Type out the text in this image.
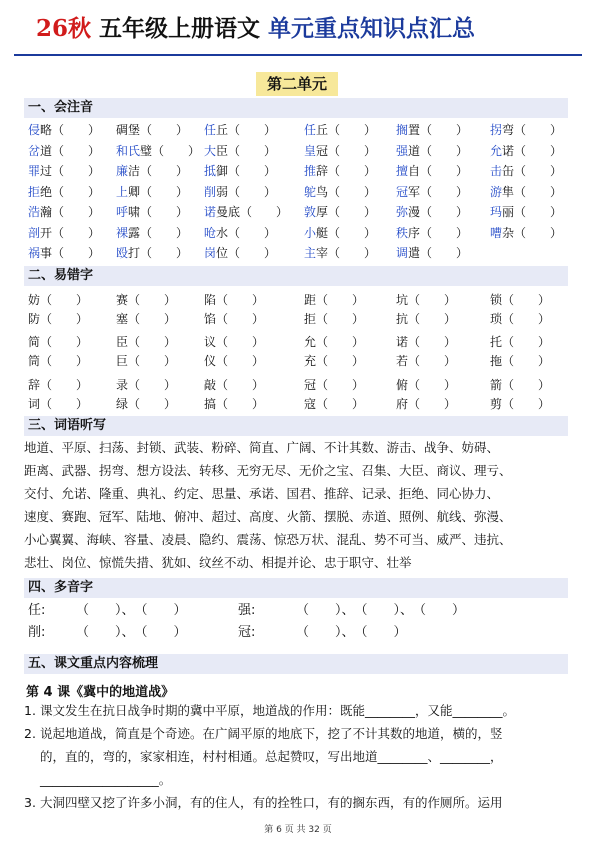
26秋 五年级上册语文 单元重点知识点汇总
第二单元
一、会注音
侵略（　　） 碉堡（　　） 任丘（　　） 任丘（　　） 搁置（　　） 拐弯（　　）
岔道（　　） 和氏璧（　　） 大臣（　　） 皇冠（　　） 强道（　　） 允诺（　　）
罪过（　　） 廉洁（　　） 抵御（　　） 推辞（　　） 擅自（　　） 击缶（　　）
拒绝（　　） 上卿（　　） 削弱（　　） 鸵鸟（　　） 冠军（　　） 游隼（　　）
浩瀚（　　） 呼啸（　　） 诺曼底（　　） 敦厚（　　） 弥漫（　　） 玛丽（　　）
剖开（　　） 裸露（　　） 呛水（　　） 小艇（　　） 秩序（　　） 嘈杂（　　）
祸事（　　） 殴打（　　） 岗位（　　） 主宰（　　） 调遣（　　）
二、易错字
妨（　　） 赛（　　） 陷（　　）	距（　　）	坑（　　）	锁（　　）
防（　　） 塞（　　） 馅（　　）	拒（　　）	抗（　　）	琐（　　）
简（　　） 臣（　　） 议（　　）	允（　　）	诺（　　）	托（　　）
筒（　　） 巨（　　） 仪（　　）	充（　　）	若（　　）	拖（　　）
辞（　　） 录（　　） 敲（　　）	冠（　　）	俯（　　）	箭（　　）
词（　　） 绿（　　） 搞（　　）	寇（　　）	府（　　）	剪（　　）
三、词语听写
地道、平原、扫荡、封锁、武装、粉碎、简直、广阔、不计其数、游击、战争、妨碍、
距离、武器、拐弯、想方设法、转移、无穷无尽、无价之宝、召集、大臣、商议、理亏、
交付、允诺、隆重、典礼、约定、思量、承诺、国君、推辞、记录、拒绝、同心协力、
速度、赛跑、冠军、陆地、俯冲、超过、高度、火箭、摆脱、赤道、照例、航线、弥漫、
小心翼翼、海峡、容量、凌晨、隐约、震荡、惊恐万状、混乱、势不可当、威严、违抗、
悲壮、岗位、惊慌失措、犹如、纹丝不动、相提并论、忠于职守、壮举
四、多音字
任: （　　）、　（　　）	强:	（　　）、　（　　）、　（　　）
削: （　　）、　（　　）	冠:	（　　）、　（　　）
五、课文重点内容梳理
第 4 课《冀中的地道战》
1. 课文发生在抗日战争时期的冀中平原，地道战的作用：既能________，又能________。
2. 说起地道战，简直是个奇迹。在广阔平原的地底下，挖了不计其数的地道，横的，竖
的，直的，弯的，家家相连，村村相通。总起赞叹，写出地道________、________，
___________________。
3. 大洞四壁又挖了许多小洞，有的住人，有的拴牲口，有的搁东西，有的作厕所。运用
第 6 页 共 32 页
